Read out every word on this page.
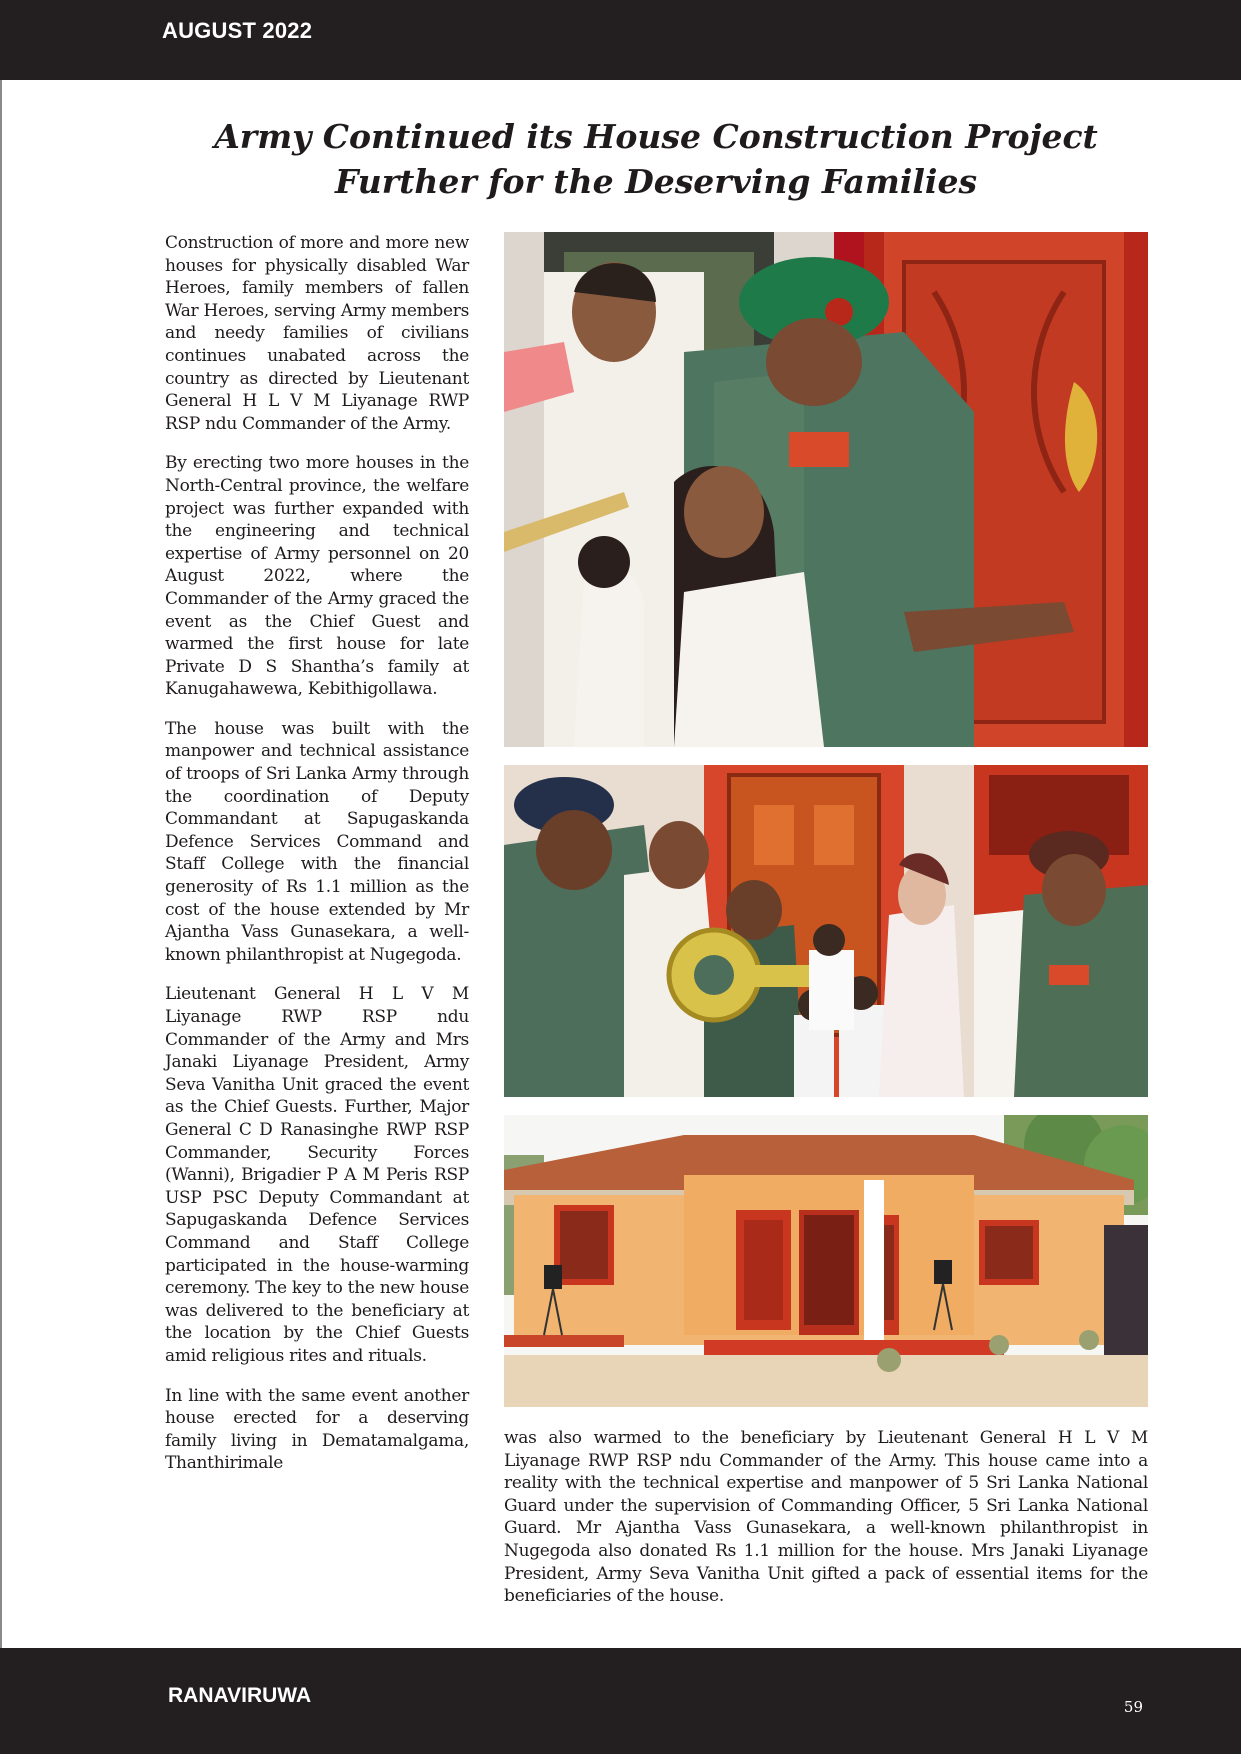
AUGUST 2022
Army Continued its House Construction Project Further for the Deserving Families

Construction of more and more new houses for physically disabled War Heroes, family members of fallen War Heroes, serving Army members and needy families of civilians continues unabated across the country as directed by Lieutenant General H L V M Liyanage RWP RSP ndu Commander of the Army.

By erecting two more houses in the North-Central province, the welfare project was further expanded with the engineering and technical expertise of Army personnel on 20 August 2022, where the Commander of the Army graced the event as the Chief Guest and warmed the first house for late Private D S Shantha’s family at Kanugahawewa, Kebithigollawa.

The house was built with the manpower and technical assistance of troops of Sri Lanka Army through the coordination of Deputy Commandant at Sapugaskanda Defence Services Command and Staff College with the financial generosity of Rs 1.1 million as the cost of the house extended by Mr Ajantha Vass Gunasekara, a well-known philanthropist at Nugegoda.

Lieutenant General H L V M Liyanage RWP RSP ndu Commander of the Army and Mrs Janaki Liyanage President, Army Seva Vanitha Unit graced the event as the Chief Guests. Further, Major General C D Ranasinghe RWP RSP Commander, Security Forces (Wanni), Brigadier P A M Peris RSP USP PSC Deputy Commandant at Sapugaskanda Defence Services Command and Staff College participated in the house-warming ceremony. The key to the new house was delivered to the beneficiary at the location by the Chief Guests amid religious rites and rituals.

In line with the same event another house erected for a deserving family living in Dematamalgama, Thanthirimale

was also warmed to the beneficiary by Lieutenant General H L V M Liyanage RWP RSP ndu Commander of the Army. This house came into a reality with the technical expertise and manpower of 5 Sri Lanka National Guard under the supervision of Commanding Officer, 5 Sri Lanka National Guard. Mr Ajantha Vass Gunasekara, a well-known philanthropist in Nugegoda also donated Rs 1.1 million for the house. Mrs Janaki Liyanage President, Army Seva Vanitha Unit gifted a pack of essential items for the beneficiaries of the house.

RANAVIRUWA	59
